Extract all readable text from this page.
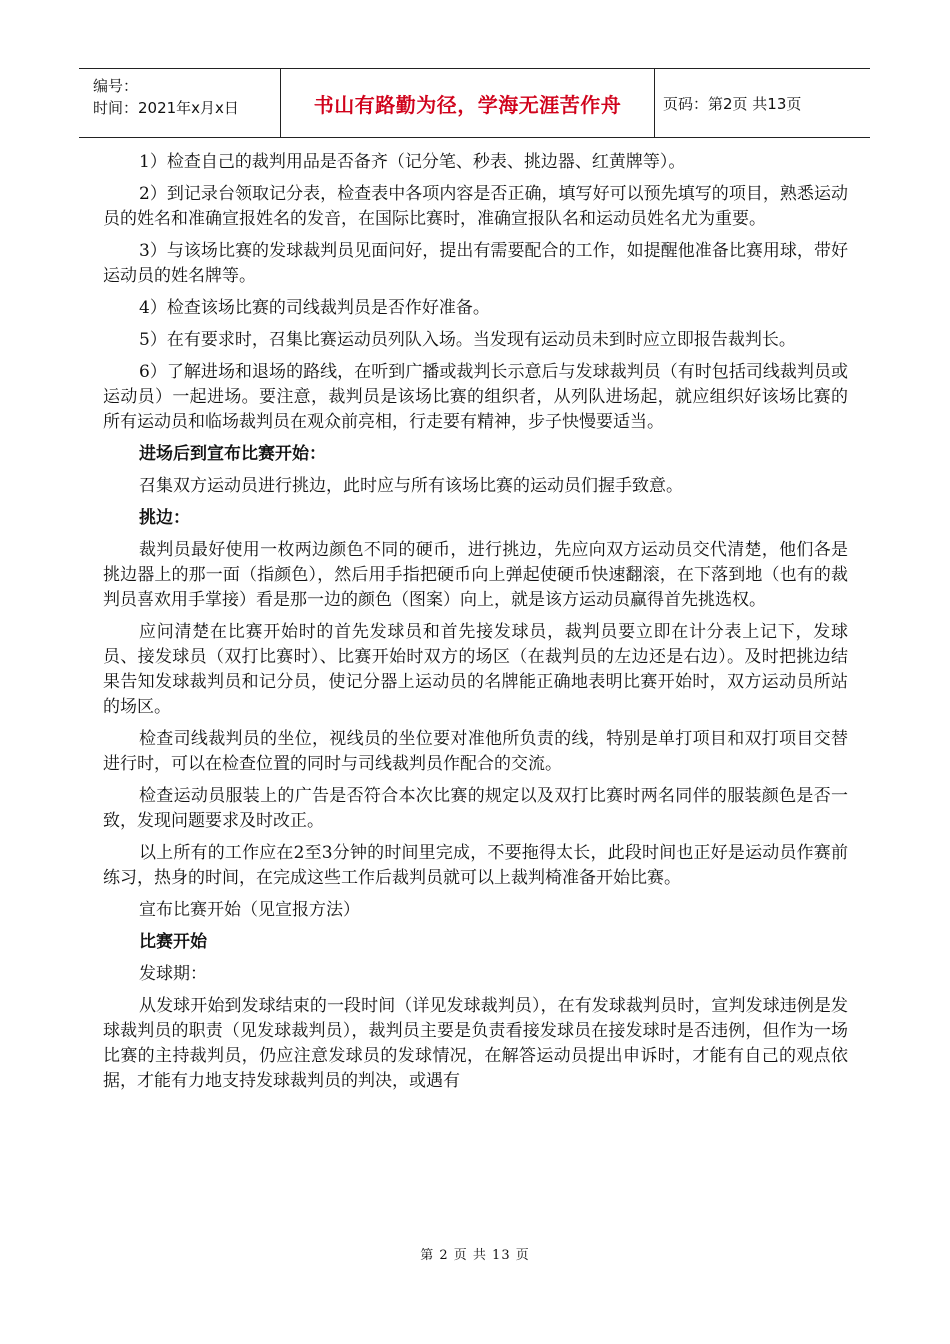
编号：
时间：2021年x月x日	书山有路勤为径，学海无涯苦作舟	页码：第2页 共13页

1）检查自己的裁判用品是否备齐（记分笔、秒表、挑边器、红黄牌等）。

2）到记录台领取记分表，检查表中各项内容是否正确，填写好可以预先填写的项目，熟悉运动员的姓名和准确宣报姓名的发音，在国际比赛时，准确宣报队名和运动员姓名尤为重要。

3）与该场比赛的发球裁判员见面问好，提出有需要配合的工作，如提醒他准备比赛用球，带好运动员的姓名牌等。

4）检查该场比赛的司线裁判员是否作好准备。

5）在有要求时，召集比赛运动员列队入场。当发现有运动员未到时应立即报告裁判长。

6）了解进场和退场的路线，在听到广播或裁判长示意后与发球裁判员（有时包括司线裁判员或运动员）一起进场。要注意，裁判员是该场比赛的组织者，从列队进场起，就应组织好该场比赛的所有运动员和临场裁判员在观众前亮相，行走要有精神，步子快慢要适当。

进场后到宣布比赛开始：

召集双方运动员进行挑边，此时应与所有该场比赛的运动员们握手致意。

挑边：

裁判员最好使用一枚两边颜色不同的硬币，进行挑边，先应向双方运动员交代清楚，他们各是挑边器上的那一面（指颜色），然后用手指把硬币向上弹起使硬币快速翻滚，在下落到地（也有的裁判员喜欢用手掌接）看是那一边的颜色（图案）向上，就是该方运动员赢得首先挑选权。

应问清楚在比赛开始时的首先发球员和首先接发球员，裁判员要立即在计分表上记下，发球员、接发球员（双打比赛时）、比赛开始时双方的场区（在裁判员的左边还是右边）。及时把挑边结果告知发球裁判员和记分员，使记分器上运动员的名牌能正确地表明比赛开始时，双方运动员所站的场区。

检查司线裁判员的坐位，视线员的坐位要对准他所负责的线，特别是单打项目和双打项目交替进行时，可以在检查位置的同时与司线裁判员作配合的交流。

检查运动员服装上的广告是否符合本次比赛的规定以及双打比赛时两名同伴的服装颜色是否一致，发现问题要求及时改正。

以上所有的工作应在2至3分钟的时间里完成，不要拖得太长，此段时间也正好是运动员作赛前练习，热身的时间，在完成这些工作后裁判员就可以上裁判椅准备开始比赛。

宣布比赛开始（见宣报方法）

比赛开始

发球期：

从发球开始到发球结束的一段时间（详见发球裁判员），在有发球裁判员时，宣判发球违例是发球裁判员的职责（见发球裁判员），裁判员主要是负责看接发球员在接发球时是否违例，但作为一场比赛的主持裁判员，仍应注意发球员的发球情况，在解答运动员提出申诉时，才能有自己的观点依据，才能有力地支持发球裁判员的判决，或遇有

第 2 页 共 13 页
